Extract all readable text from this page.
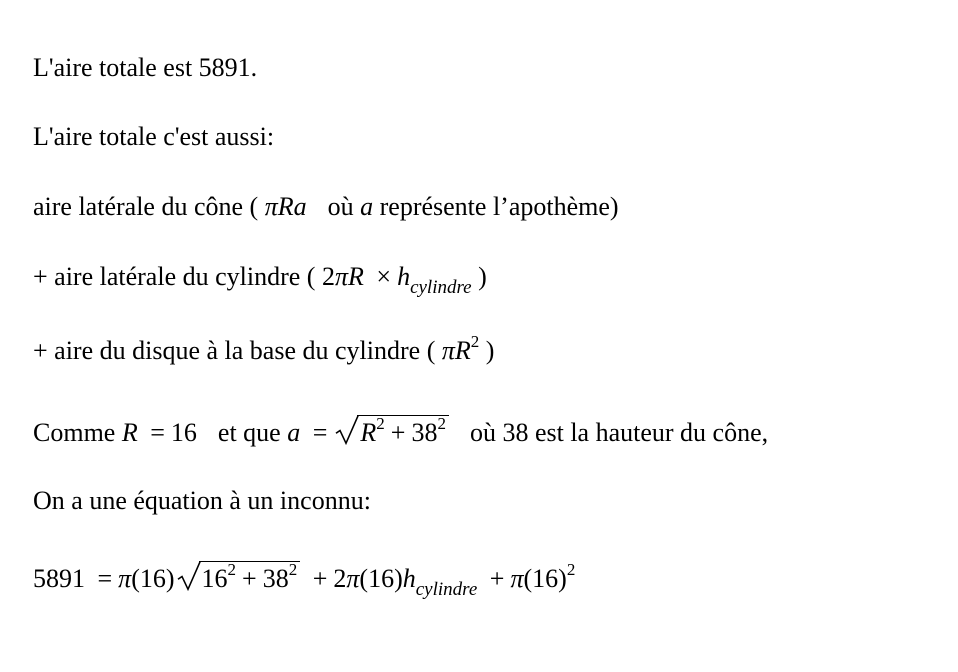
L'aire totale est 5891.
L'aire totale c'est aussi:
aire latérale du cône ( πRa où a représente l’apothème)
+ aire latérale du cylindre ( $2\pi R \times h_{cylindre}$ )
+ aire du disque à la base du cylindre ( $\pi R^2$ )
Comme R = 16 et que $a = R^2 + 38^2$ où 38 est la hauteur du cône,
On a une équation à un inconnu:
5891 = π(16) $16^2 + 38^2 + 2\pi(16)h_{cylindre} + \pi(16)^2$
